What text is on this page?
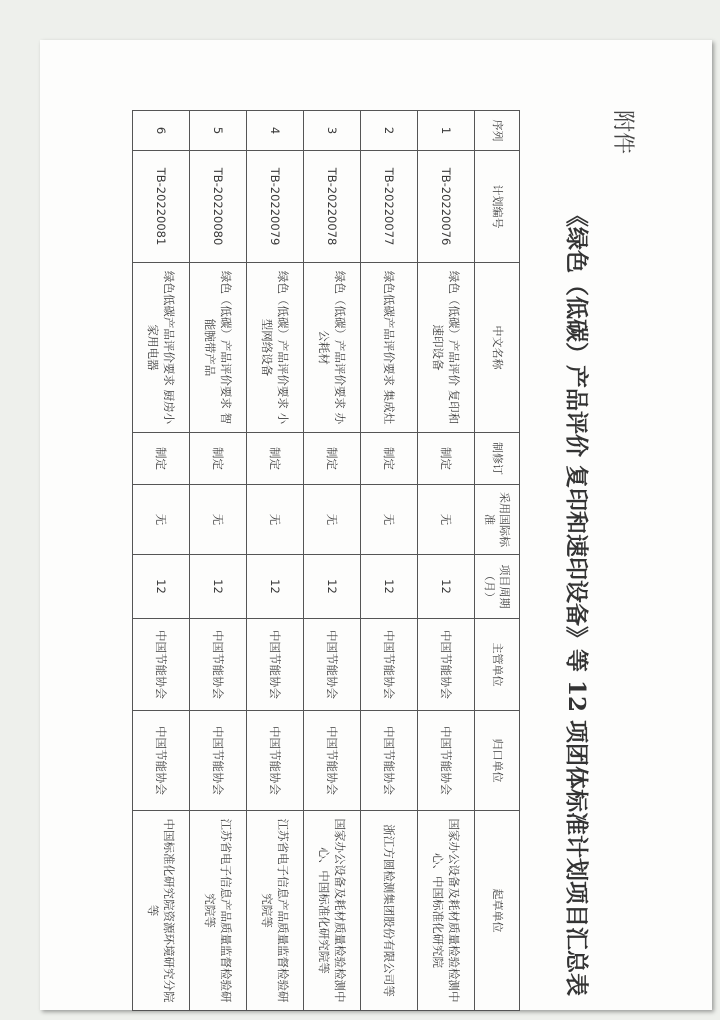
附件
《绿色（低碳）产品评价 复印和速印设备》等 12 项团体标准计划项目汇总表
序列	计划编号	中文名称	制修订	采用国际标准	项目周期（月）	主管单位	归口单位	起草单位
1	TB-20220076	绿色（低碳）产品评价 复印和速印设备	制定	无	12	中国节能协会	中国节能协会	国家办公设备及耗材质量检验检测中心、中国标准化研究院
2	TB-20220077	绿色低碳产品评价要求 集成灶	制定	无	12	中国节能协会	中国节能协会	浙江方圆检测集团股份有限公司等
3	TB-20220078	绿色（低碳）产品评价要求 办公耗材	制定	无	12	中国节能协会	中国节能协会	国家办公设备及耗材质量检验检测中心、中国标准化研究院等
4	TB-20220079	绿色（低碳）产品评价要求 小型网络设备	制定	无	12	中国节能协会	中国节能协会	江苏省电子信息产品质量监督检验研究院等
5	TB-20220080	绿色（低碳）产品评价要求 智能腕带产品	制定	无	12	中国节能协会	中国节能协会	江苏省电子信息产品质量监督检验研究院等
6	TB-20220081	绿色低碳产品评价要求 厨房小家用电器	制定	无	12	中国节能协会	中国节能协会	中国标准化研究院资源环境研究分院等
